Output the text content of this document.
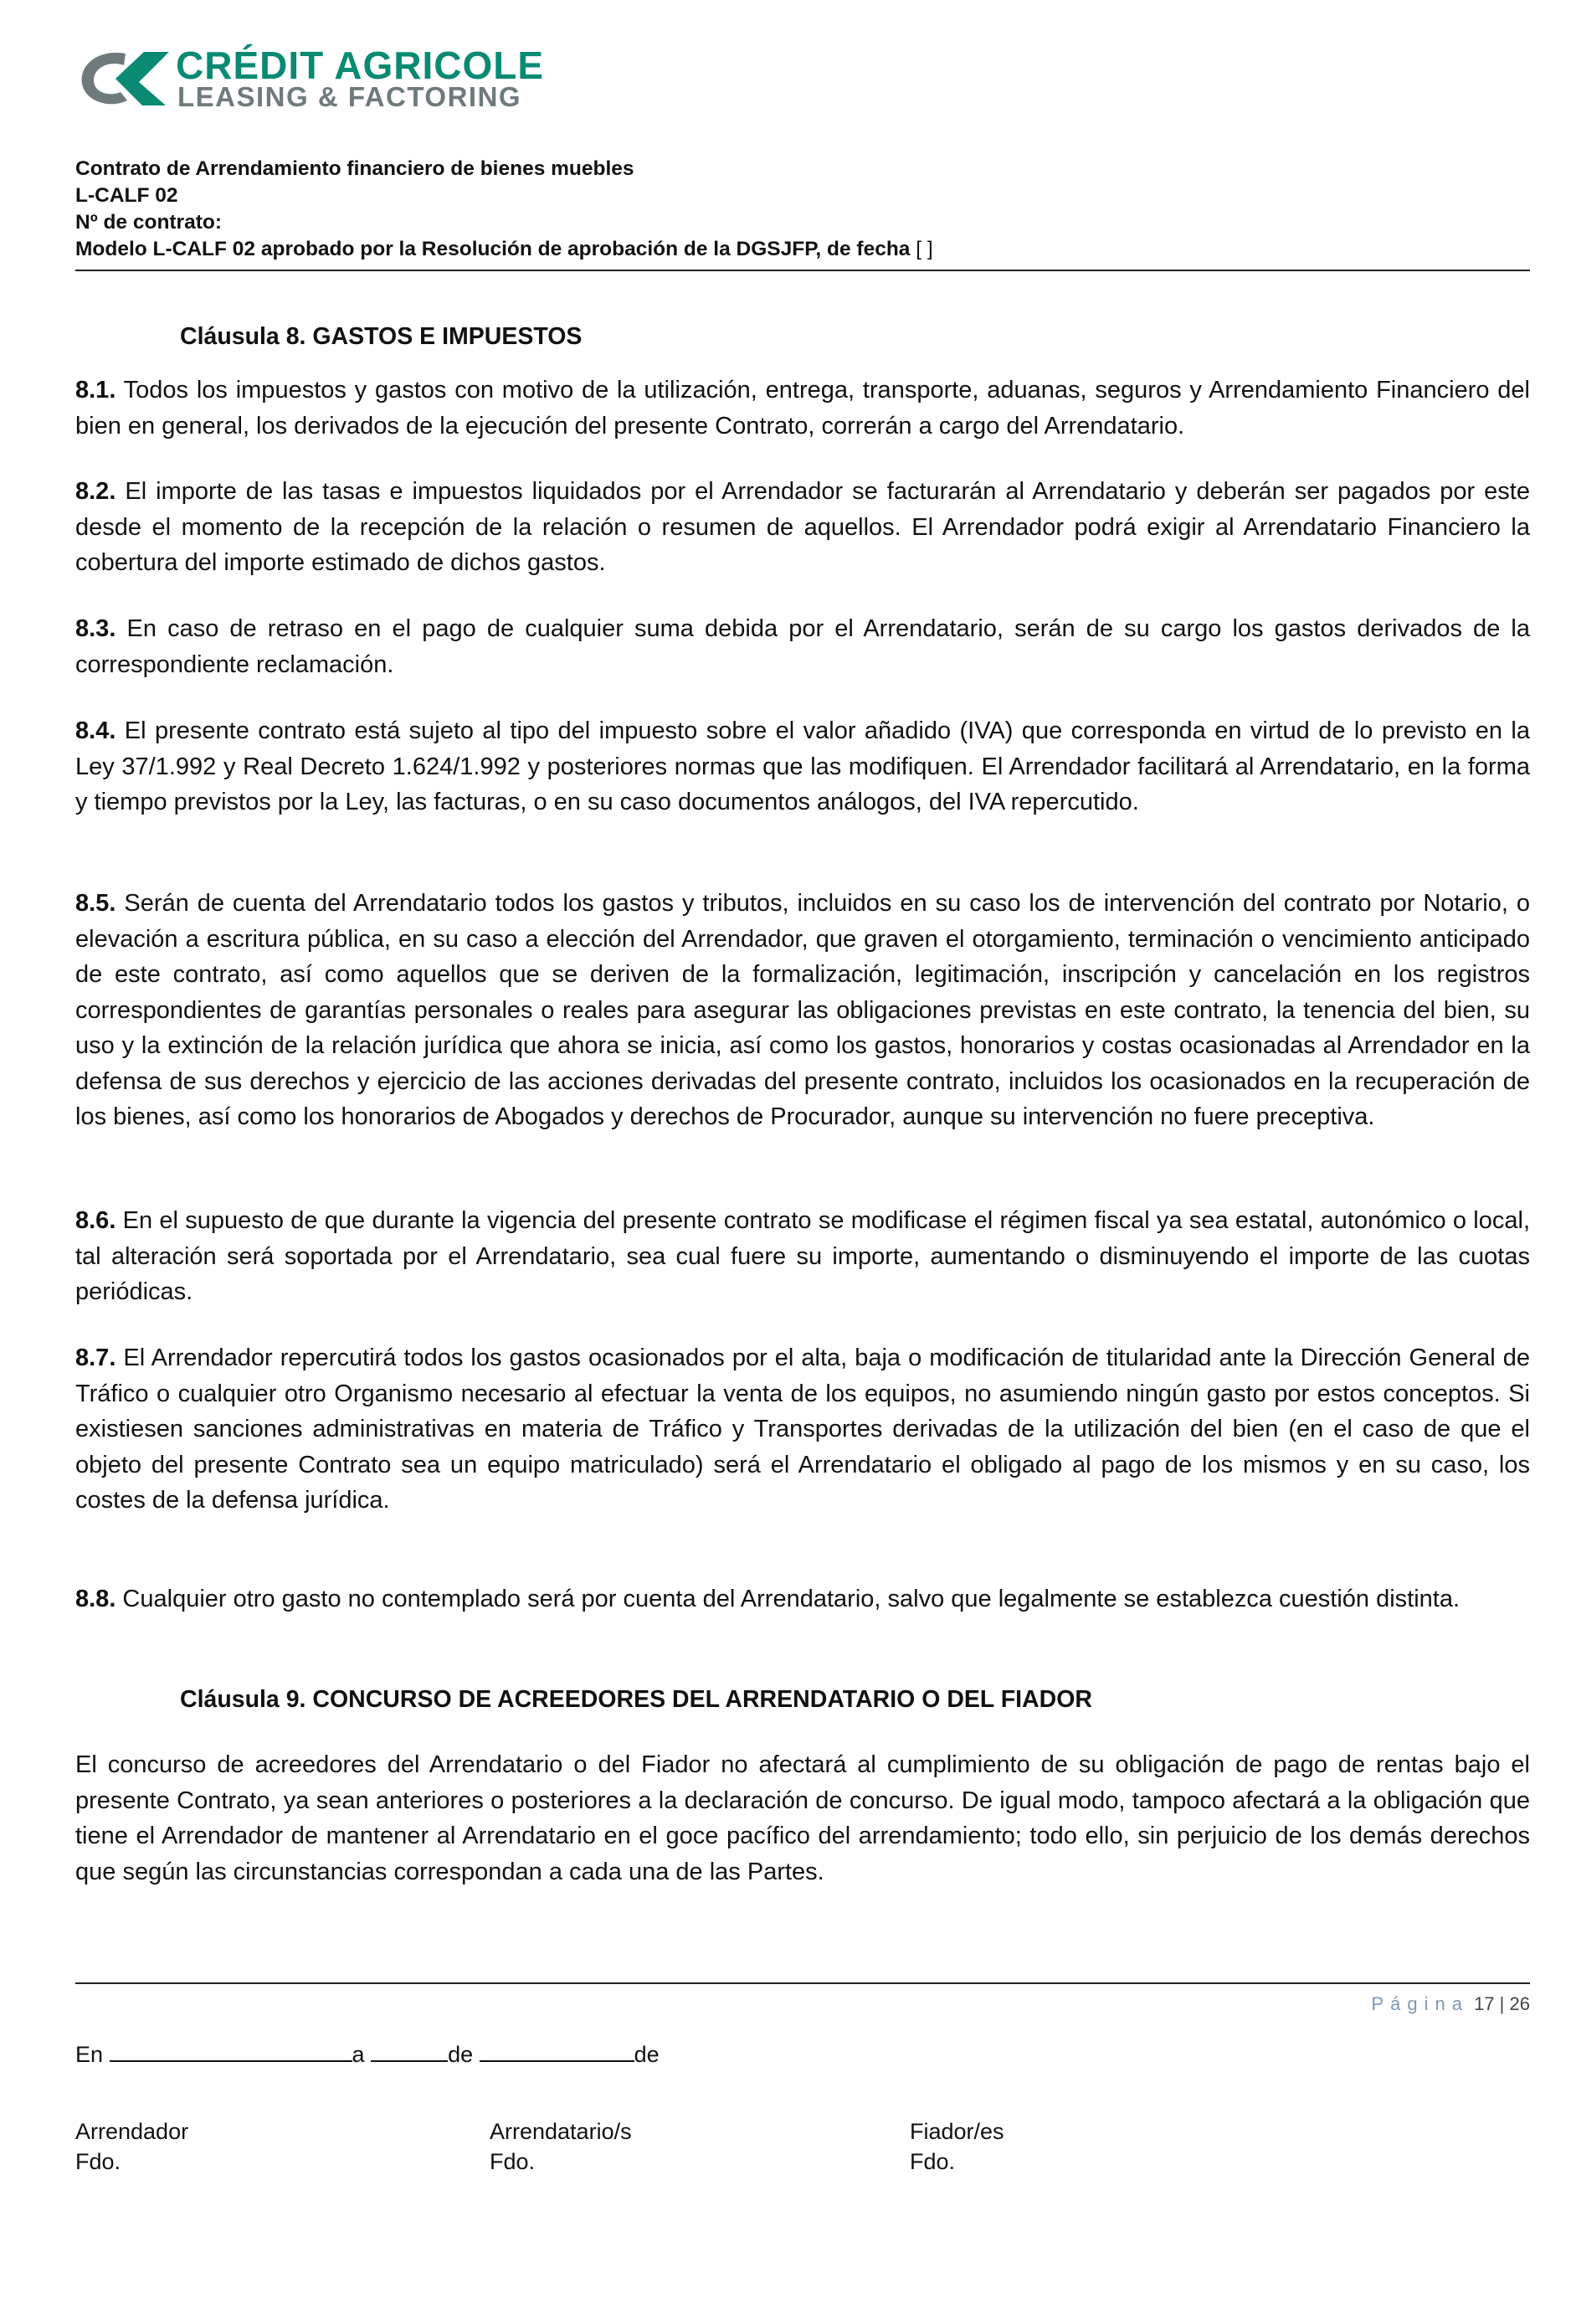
CRÉDIT AGRICOLE
LEASING & FACTORING
Contrato de Arrendamiento financiero de bienes muebles
L-CALF 02
Nº de contrato:
Modelo L-CALF 02 aprobado por la Resolución de aprobación de la DGSJFP, de fecha [ ]
Cláusula 8. GASTOS E IMPUESTOS
8.1. Todos los impuestos y gastos con motivo de la utilización, entrega, transporte, aduanas, seguros y Arrendamiento Financiero del bien en general, los derivados de la ejecución del presente Contrato, correrán a cargo del Arrendatario.
8.2. El importe de las tasas e impuestos liquidados por el Arrendador se facturarán al Arrendatario y deberán ser pagados por este desde el momento de la recepción de la relación o resumen de aquellos. El Arrendador podrá exigir al Arrendatario Financiero la cobertura del importe estimado de dichos gastos.
8.3. En caso de retraso en el pago de cualquier suma debida por el Arrendatario, serán de su cargo los gastos derivados de la correspondiente reclamación.
8.4. El presente contrato está sujeto al tipo del impuesto sobre el valor añadido (IVA) que corresponda en virtud de lo previsto en la Ley 37/1.992 y Real Decreto 1.624/1.992 y posteriores normas que las modifiquen. El Arrendador facilitará al Arrendatario, en la forma y tiempo previstos por la Ley, las facturas, o en su caso documentos análogos, del IVA repercutido.
8.5. Serán de cuenta del Arrendatario todos los gastos y tributos, incluidos en su caso los de intervención del contrato por Notario, o elevación a escritura pública, en su caso a elección del Arrendador, que graven el otorgamiento, terminación o vencimiento anticipado de este contrato, así como aquellos que se deriven de la formalización, legitimación, inscripción y cancelación en los registros correspondientes de garantías personales o reales para asegurar las obligaciones previstas en este contrato, la tenencia del bien, su uso y la extinción de la relación jurídica que ahora se inicia, así como los gastos, honorarios y costas ocasionadas al Arrendador en la defensa de sus derechos y ejercicio de las acciones derivadas del presente contrato, incluidos los ocasionados en la recuperación de los bienes, así como los honorarios de Abogados y derechos de Procurador, aunque su intervención no fuere preceptiva.
8.6. En el supuesto de que durante la vigencia del presente contrato se modificase el régimen fiscal ya sea estatal, autonómico o local, tal alteración será soportada por el Arrendatario, sea cual fuere su importe, aumentando o disminuyendo el importe de las cuotas periódicas.
8.7. El Arrendador repercutirá todos los gastos ocasionados por el alta, baja o modificación de titularidad ante la Dirección General de Tráfico o cualquier otro Organismo necesario al efectuar la venta de los equipos, no asumiendo ningún gasto por estos conceptos. Si existiesen sanciones administrativas en materia de Tráfico y Transportes derivadas de la utilización del bien (en el caso de que el objeto del presente Contrato sea un equipo matriculado) será el Arrendatario el obligado al pago de los mismos y en su caso, los costes de la defensa jurídica.
8.8. Cualquier otro gasto no contemplado será por cuenta del Arrendatario, salvo que legalmente se establezca cuestión distinta.
Cláusula 9. CONCURSO DE ACREEDORES DEL ARRENDATARIO O DEL FIADOR
El concurso de acreedores del Arrendatario o del Fiador no afectará al cumplimiento de su obligación de pago de rentas bajo el presente Contrato, ya sean anteriores o posteriores a la declaración de concurso. De igual modo, tampoco afectará a la obligación que tiene el Arrendador de mantener al Arrendatario en el goce pacífico del arrendamiento; todo ello, sin perjuicio de los demás derechos que según las circunstancias correspondan a cada una de las Partes.
Página 17 | 26
En	a	de	de
Arrendador
Fdo.
Arrendatario/s
Fdo.
Fiador/es
Fdo.
